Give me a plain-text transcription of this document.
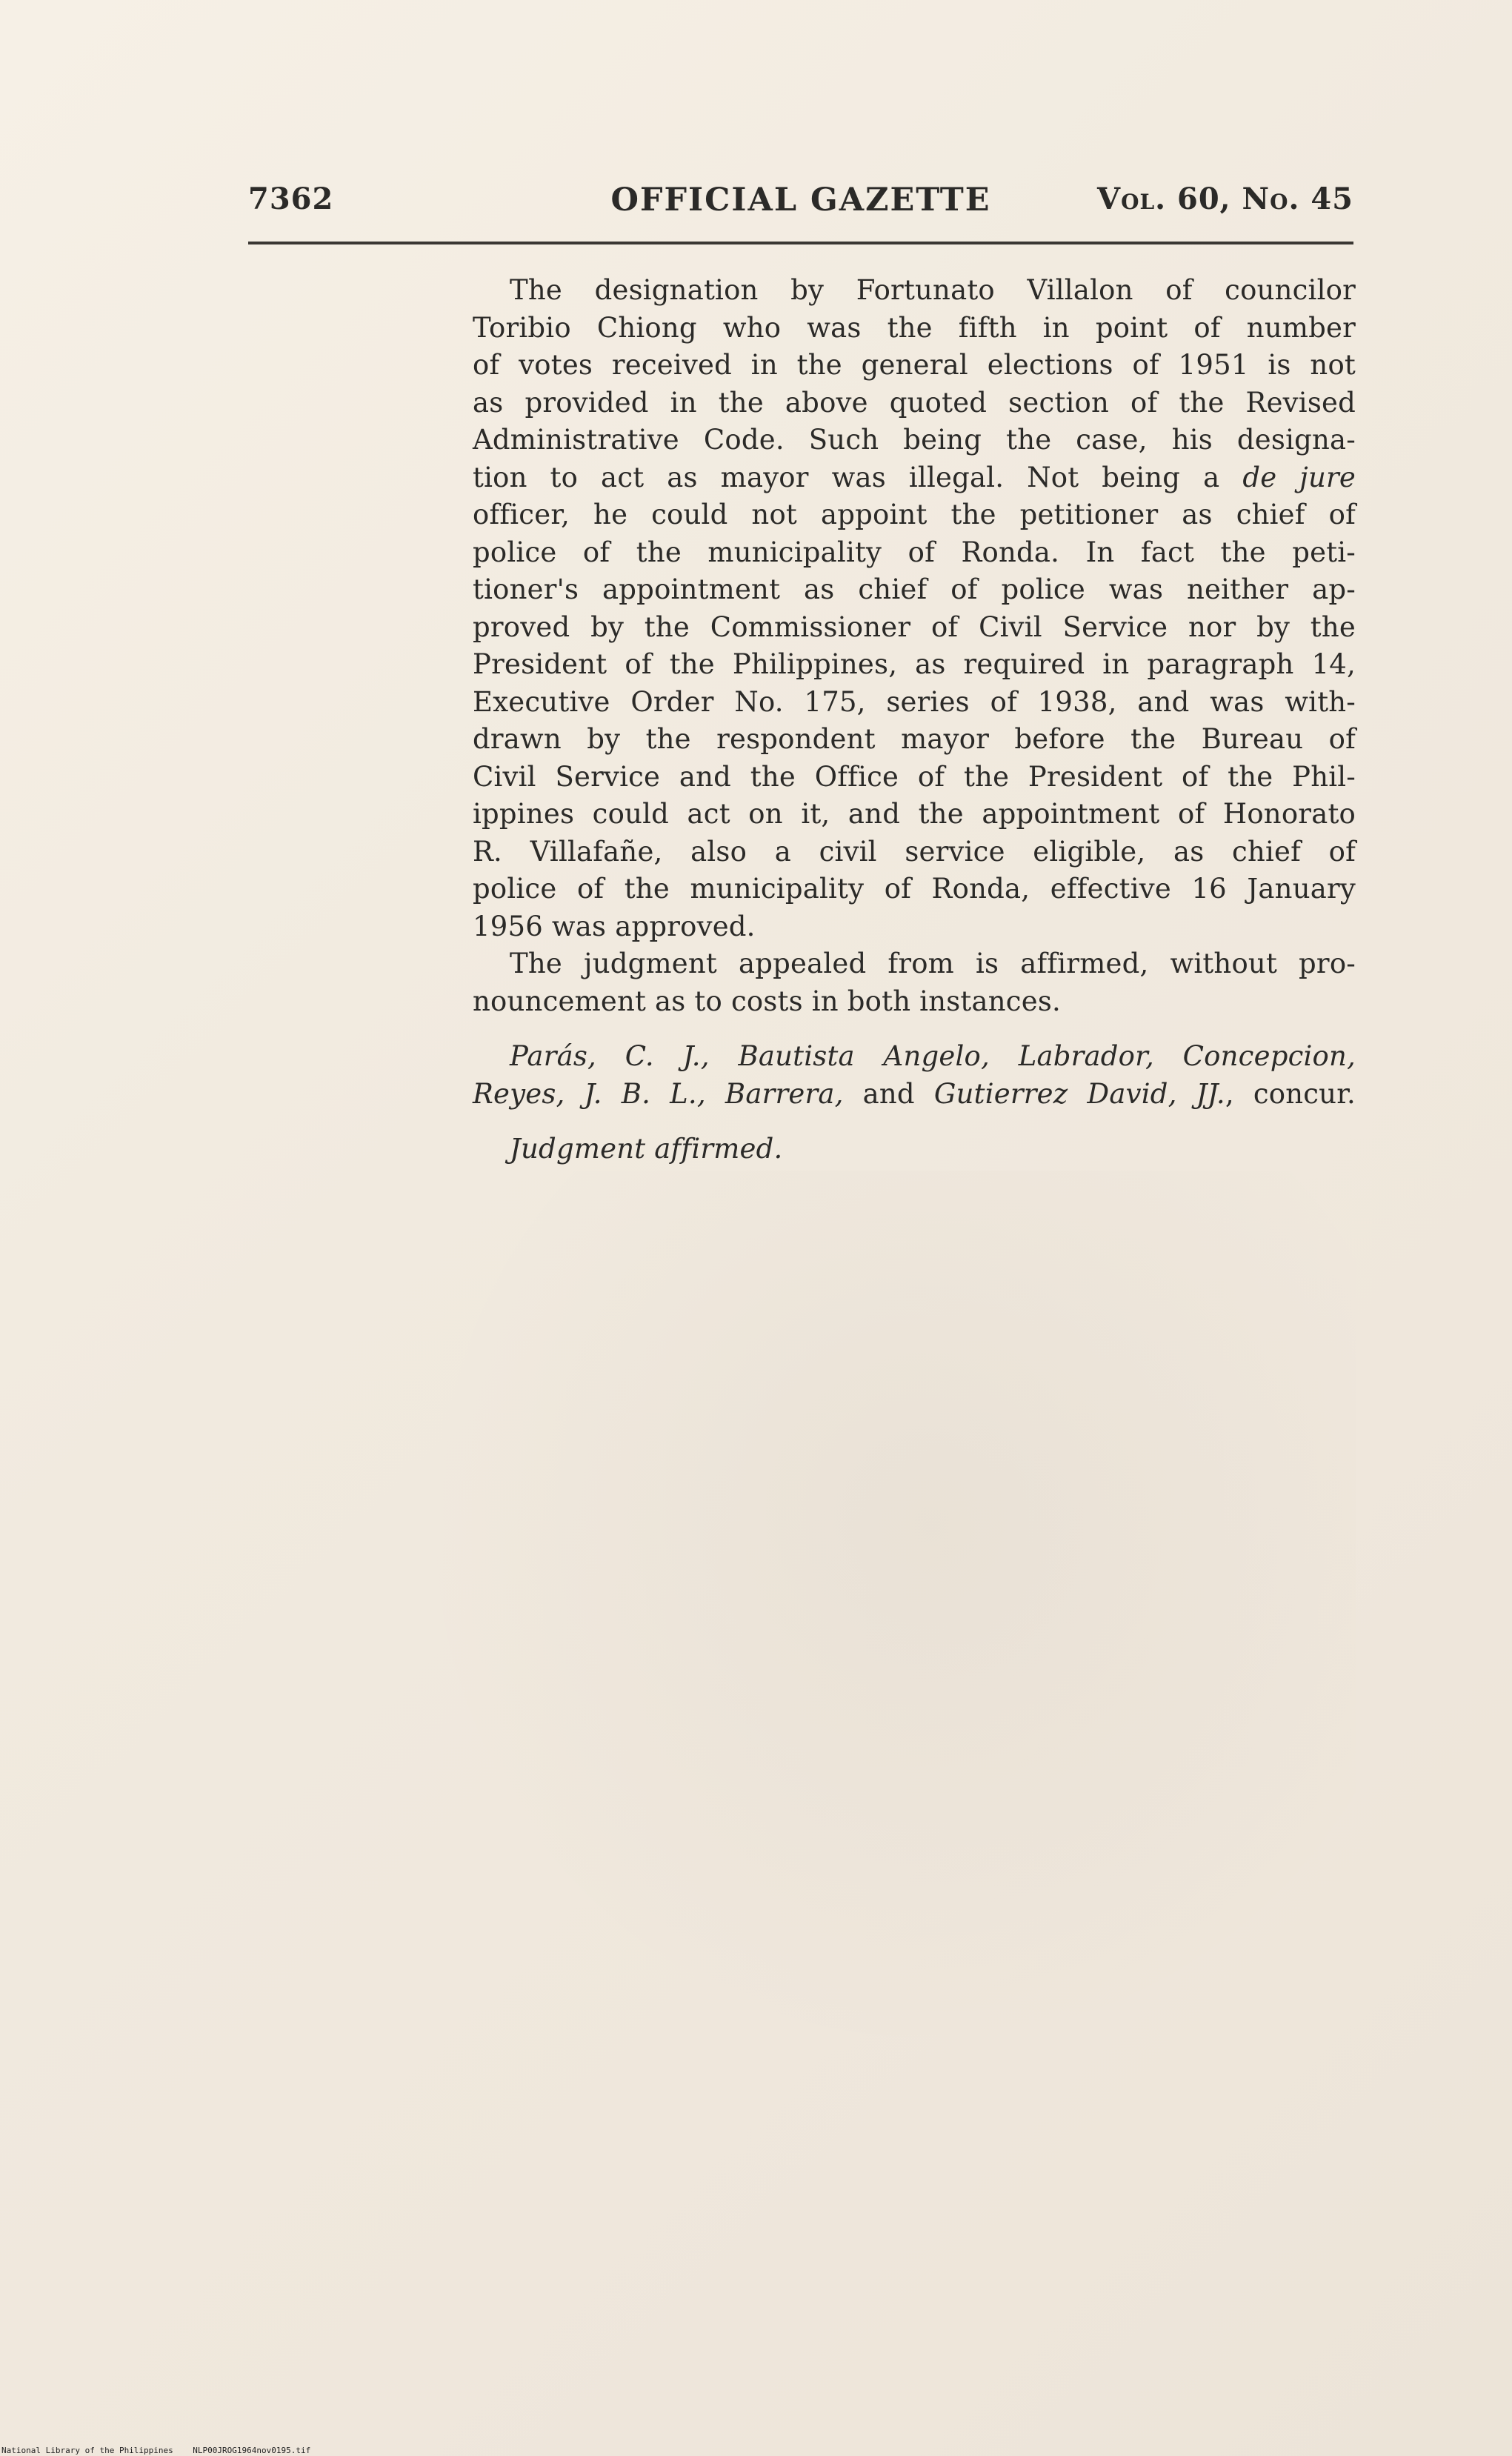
7362	OFFICIAL GAZETTE	Vol. 60, No. 45
The designation by Fortunato Villalon of councilor
Toribio Chiong who was the fifth in point of number
of votes received in the general elections of 1951 is not
as provided in the above quoted section of the Revised
Administrative Code. Such being the case, his designa-
tion to act as mayor was illegal. Not being a de jure
officer, he could not appoint the petitioner as chief of
police of the municipality of Ronda. In fact the peti-
tioner's appointment as chief of police was neither ap-
proved by the Commissioner of Civil Service nor by the
President of the Philippines, as required in paragraph 14,
Executive Order No. 175, series of 1938, and was with-
drawn by the respondent mayor before the Bureau of
Civil Service and the Office of the President of the Phil-
ippines could act on it, and the appointment of Honorato
R. Villafañe, also a civil service eligible, as chief of
police of the municipality of Ronda, effective 16 January
1956 was approved.
The judgment appealed from is affirmed, without pro-
nouncement as to costs in both instances.
Parás, C. J., Bautista Angelo, Labrador, Concepcion,
Reyes, J. B. L., Barrera, and Gutierrez David, JJ., concur.
Judgment affirmed.
National Library of the Philippines    NLP00JROG1964nov0195.tif
